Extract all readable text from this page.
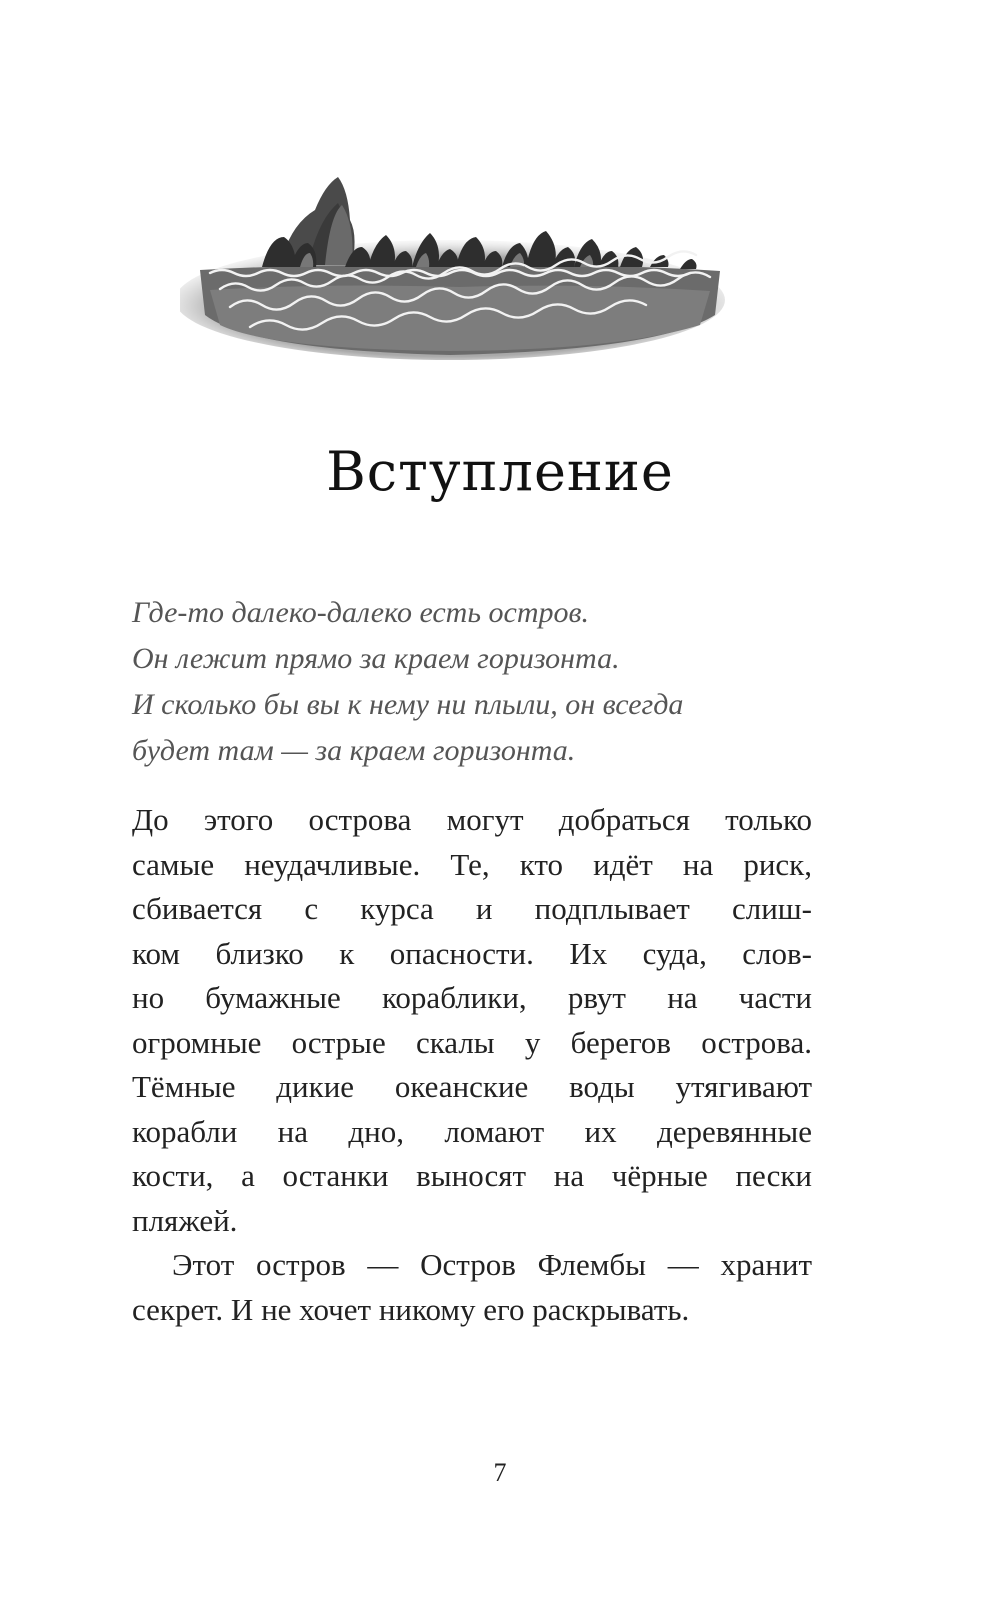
Вступление
Где-то далеко-далеко есть остров.
Он лежит прямо за краем горизонта.
И сколько бы вы к нему ни плыли, он всегда
будет там — за краем горизонта.
До этого острова могут добраться только
самые неудачливые. Те, кто идёт на риск,
сбивается с курса и подплывает слиш-
ком близко к опасности. Их суда, слов-
но бумажные кораблики, рвут на части
огромные острые скалы у берегов острова.
Тёмные дикие океанские воды утягивают
корабли на дно, ломают их деревянные
кости, а останки выносят на чёрные пески
пляжей.
Этот остров — Остров Флембы — хранит
секрет. И не хочет никому его раскрывать.
7
